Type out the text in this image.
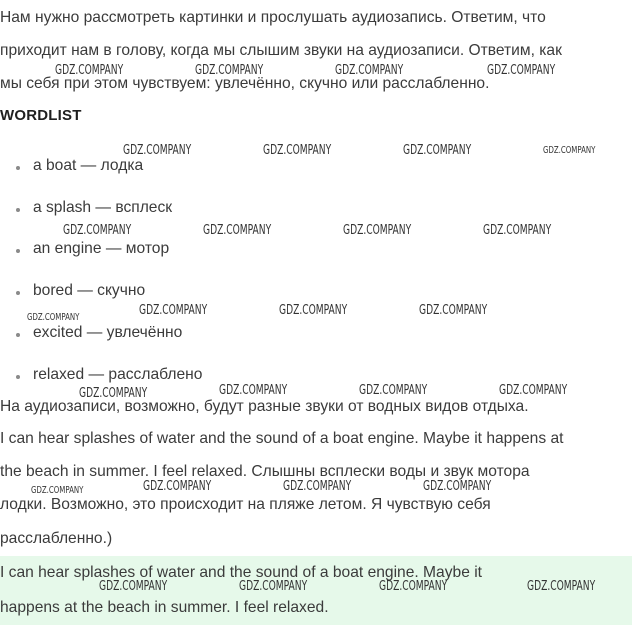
Нам нужно рассмотреть картинки и прослушать аудиозапись. Ответим, что
приходит нам в голову, когда мы слышим звуки на аудиозаписи. Ответим, как
мы себя при этом чувствуем: увлечённо, скучно или расслабленно.
WORDLIST
a boat — лодка
a splash — всплеск
an engine — мотор
bored — скучно
excited — увлечённо
relaxed — расслаблено
На аудиозаписи, возможно, будут разные звуки от водных видов отдыха.
I can hear splashes of water and the sound of a boat engine. Maybe it happens at
the beach in summer. I feel relaxed. Слышны всплески воды и звук мотора
лодки. Возможно, это происходит на пляже летом. Я чувствую себя
расслабленно.)
I can hear splashes of water and the sound of a boat engine. Maybe it
happens at the beach in summer. I feel relaxed.
GDZ.COMPANY	GDZ.COMPANY	GDZ.COMPANY	GDZ.COMPANY
GDZ.COMPANY	GDZ.COMPANY	GDZ.COMPANY	GDZ.COMPANY
GDZ.COMPANY	GDZ.COMPANY	GDZ.COMPANY	GDZ.COMPANY
GDZ.COMPANY	GDZ.COMPANY	GDZ.COMPANY	GDZ.COMPANY
GDZ.COMPANY	GDZ.COMPANY	GDZ.COMPANY	GDZ.COMPANY
GDZ.COMPANY	GDZ.COMPANY	GDZ.COMPANY	GDZ.COMPANY
GDZ.COMPANY	GDZ.COMPANY	GDZ.COMPANY	GDZ.COMPANY
